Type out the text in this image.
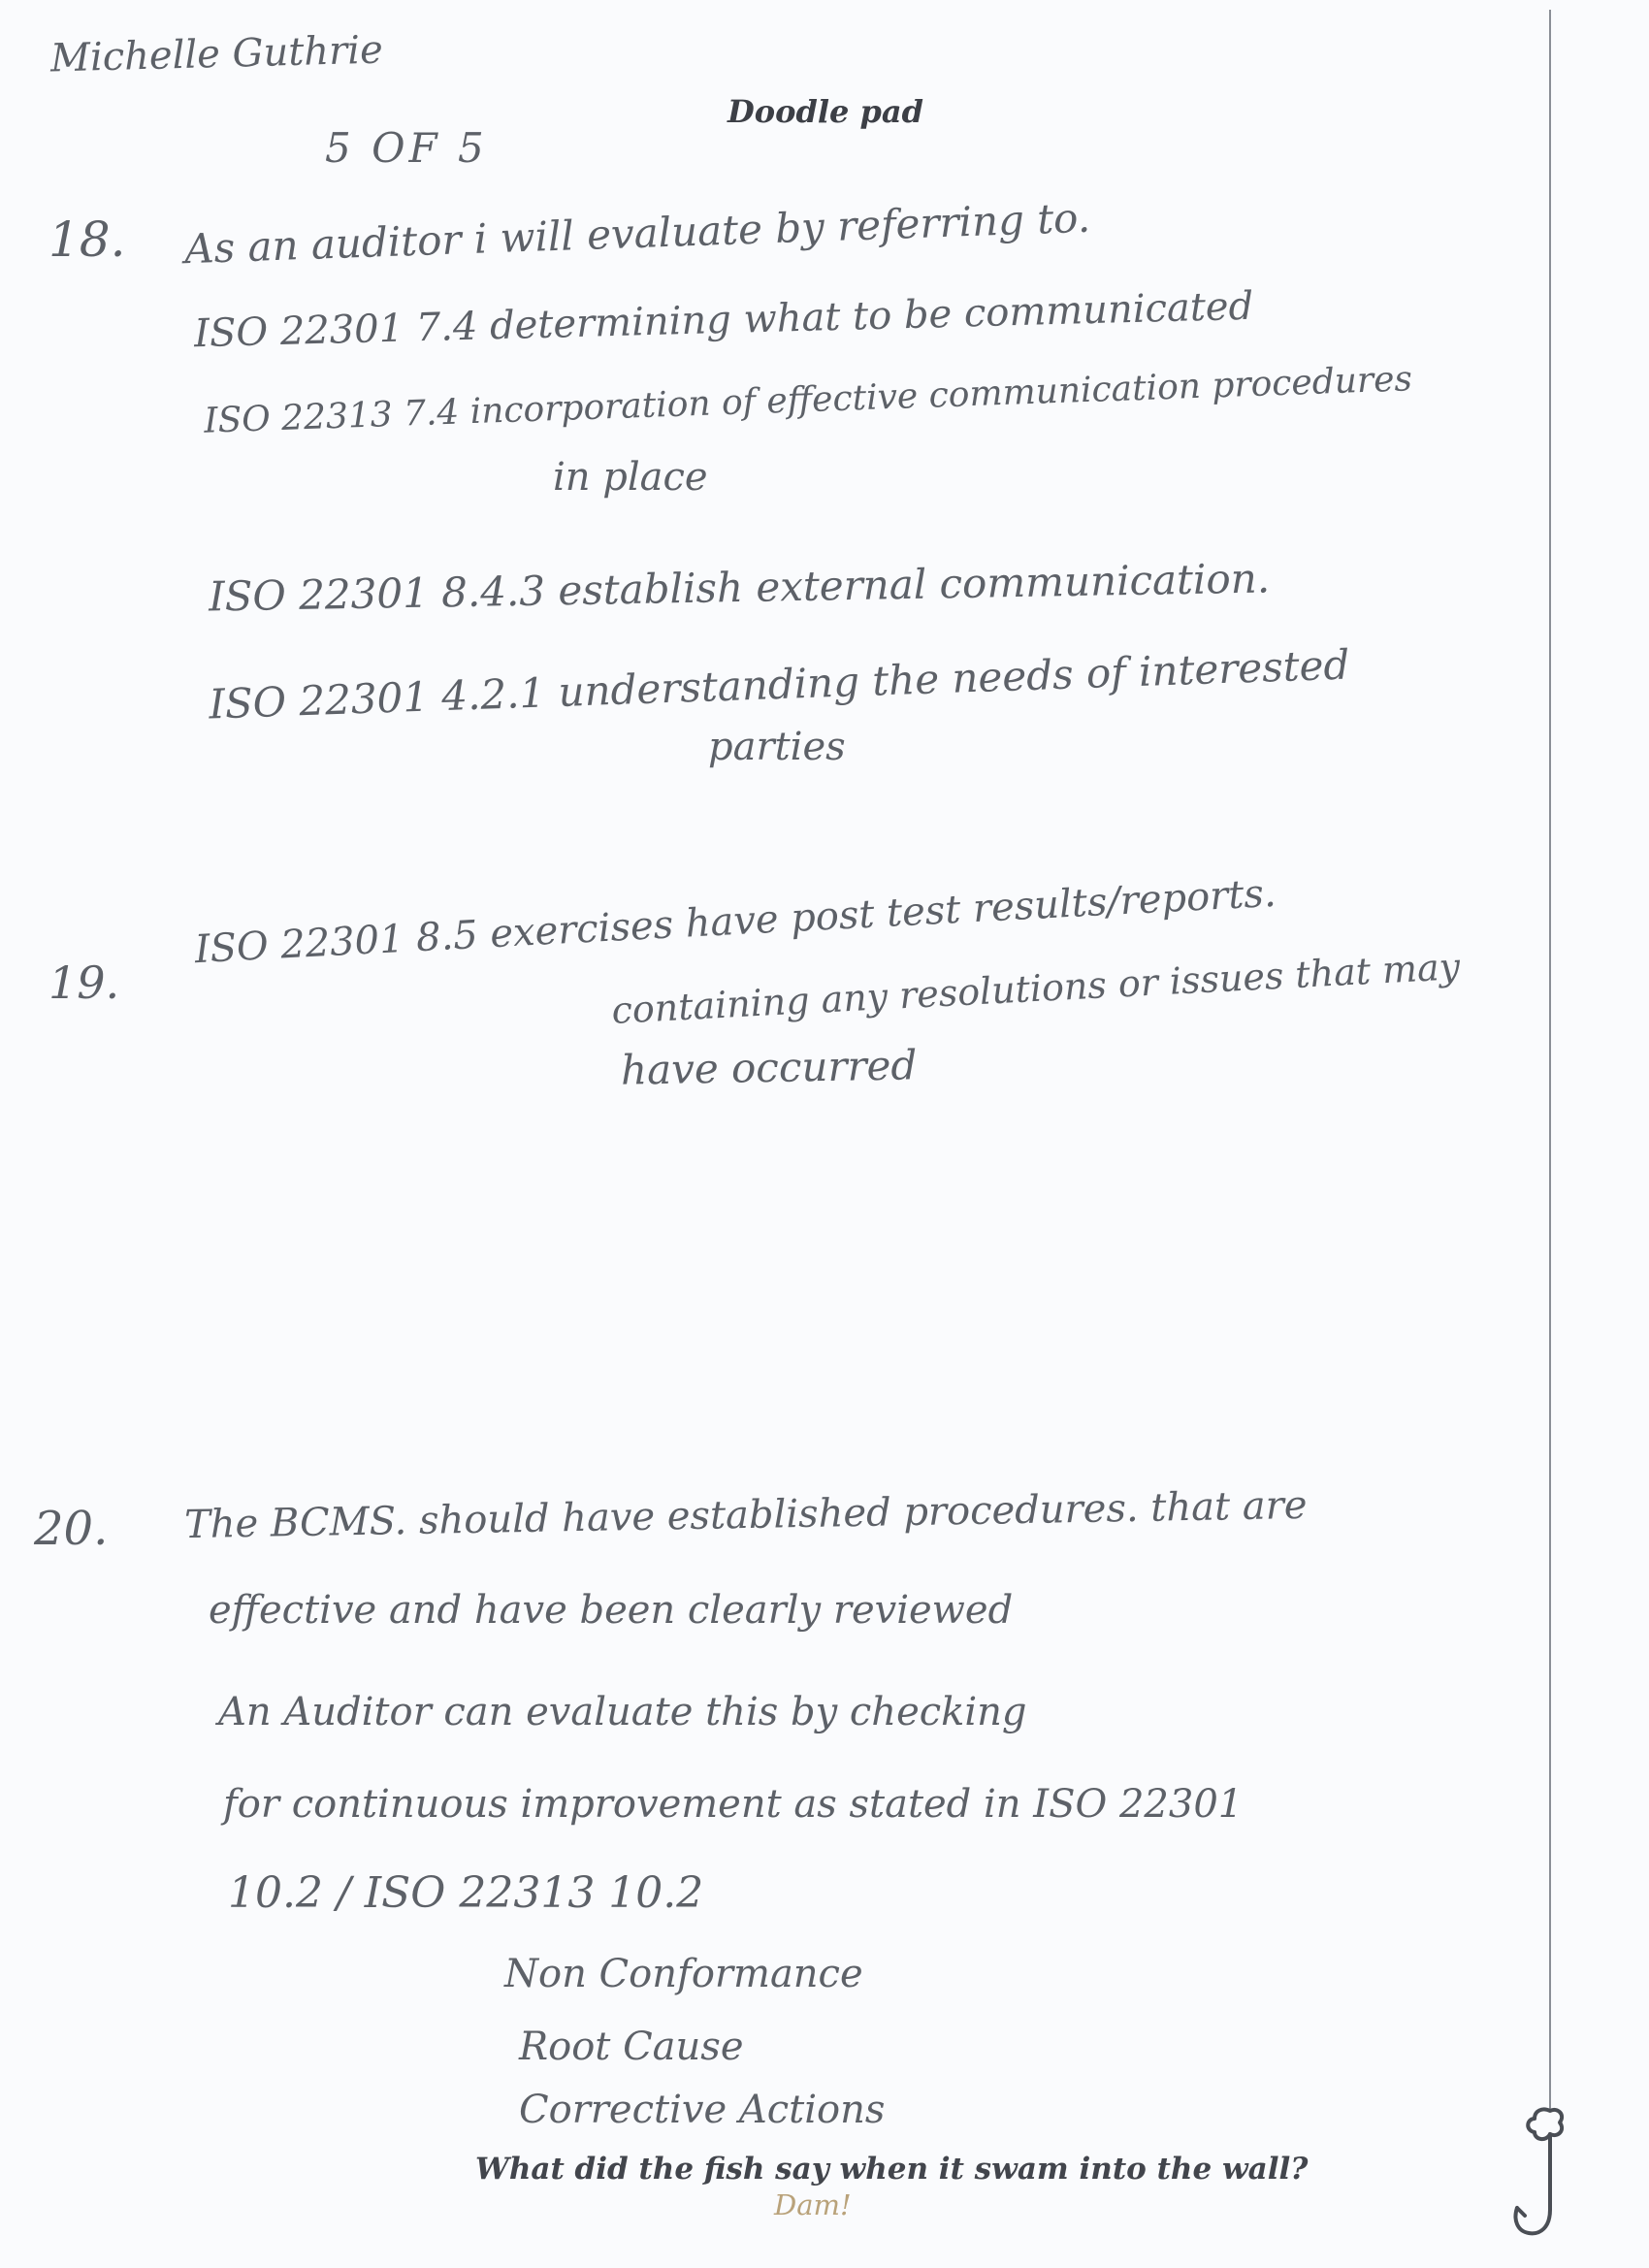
Michelle Guthrie
Doodle pad
5 OF 5
18. As an auditor i will evaluate by referring to.
ISO 22301 7.4 determining what to be communicated
ISO 22313 7.4 incorporation of effective communication procedures
in place
ISO 22301 8.4.3 establish external communication.
ISO 22301 4.2.1 understanding the needs of interested
parties
19.
ISO 22301 8.5 exercises have post test results/reports.
containing any resolutions or issues that may
have occurred
20. The BCMS. should have established procedures. that are
effective and have been clearly reviewed
An Auditor can evaluate this by checking
for continuous improvement as stated in ISO 22301
10.2 / ISO 22313 10.2
Non Conformance
Root Cause
Corrective Actions
What did the fish say when it swam into the wall?
Dam!
